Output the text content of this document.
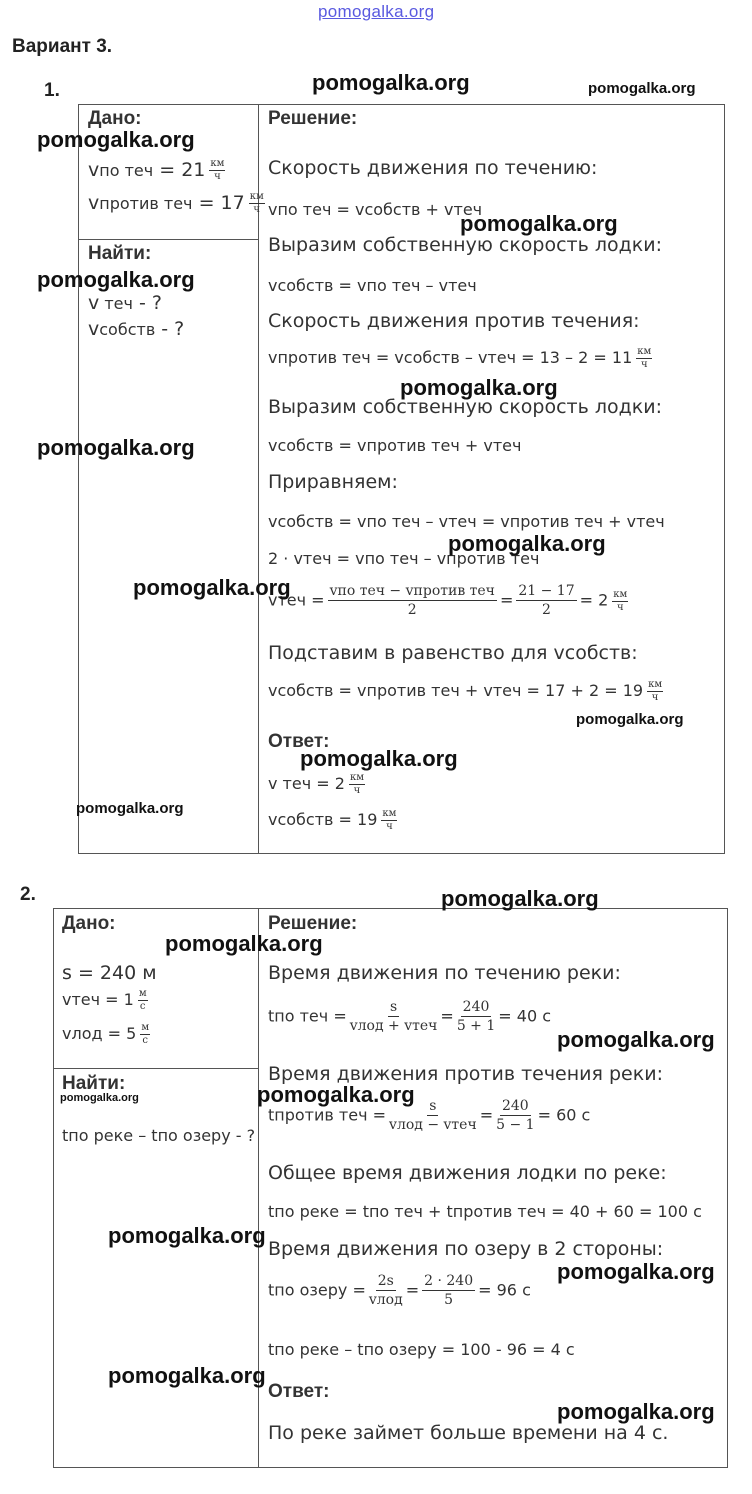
pomogalka.org
Вариант 3.
1.
Дано:
vпо теч = 21 км
ч
vпротив теч = 17 км
ч
Найти:
v теч - ?
vсобств - ?
Решение:
Скорость движения по течению:
vпо теч = vсобств + vтеч
Выразим собственную скорость лодки:
vсобств = vпо теч – vтеч
Скорость движения против течения:
vпротив теч = vсобств – vтеч = 13 – 2 = 11 км
ч
Выразим собственную скорость лодки:
vсобств = vпротив теч + vтеч
Приравняем:
vсобств = vпо теч – vтеч = vпротив теч + vтеч
2 · vтеч = vпо теч – vпротив теч
vтеч = $\frac{\text{vпо теч − vпротив теч}}{2} = \frac{21 - 17}{2} = 2$ км
ч
Подставим в равенство для vсобств:
vсобств = vпротив теч + vтеч = 17 + 2 = 19 км
ч
Ответ:
v теч = 2 км
ч
vсобств = 19 км
ч
2.
Дано:
s = 240 м
vтеч = 1 м
с
vлод = 5 м
с
Найти:
tпо реке – tпо озеру - ?
Решение:
Время движения по течению реки:
tпо теч = $\frac{s}{\text{vлод + vтеч}} = \frac{240}{5 + 1} = 40$ с
Время движения против течения реки:
tпротив теч = $\frac{s}{\text{vлод − vтеч}} = \frac{240}{5 - 1} = 60$ с
Общее время движения лодки по реке:
tпо реке = tпо теч + tпротив теч = 40 + 60 = 100 с
Время движения по озеру в 2 стороны:
tпо озеру = $\frac{2s}{\text{vлод}} = \frac{2 \cdot 240}{5} = 96$ с
tпо реке – tпо озеру = 100 - 96 = 4 с
Ответ:
По реке займет больше времени на 4 с.
pomogalka.org	pomogalka.org
pomogalka.org
pomogalka.org
pomogalka.org
pomogalka.org
pomogalka.org
pomogalka.org
pomogalka.org
pomogalka.org
pomogalka.org
pomogalka.org
pomogalka.org
pomogalka.org
pomogalka.org
pomogalka.org	pomogalka.org
pomogalka.org
pomogalka.org
pomogalka.org
pomogalka.org
